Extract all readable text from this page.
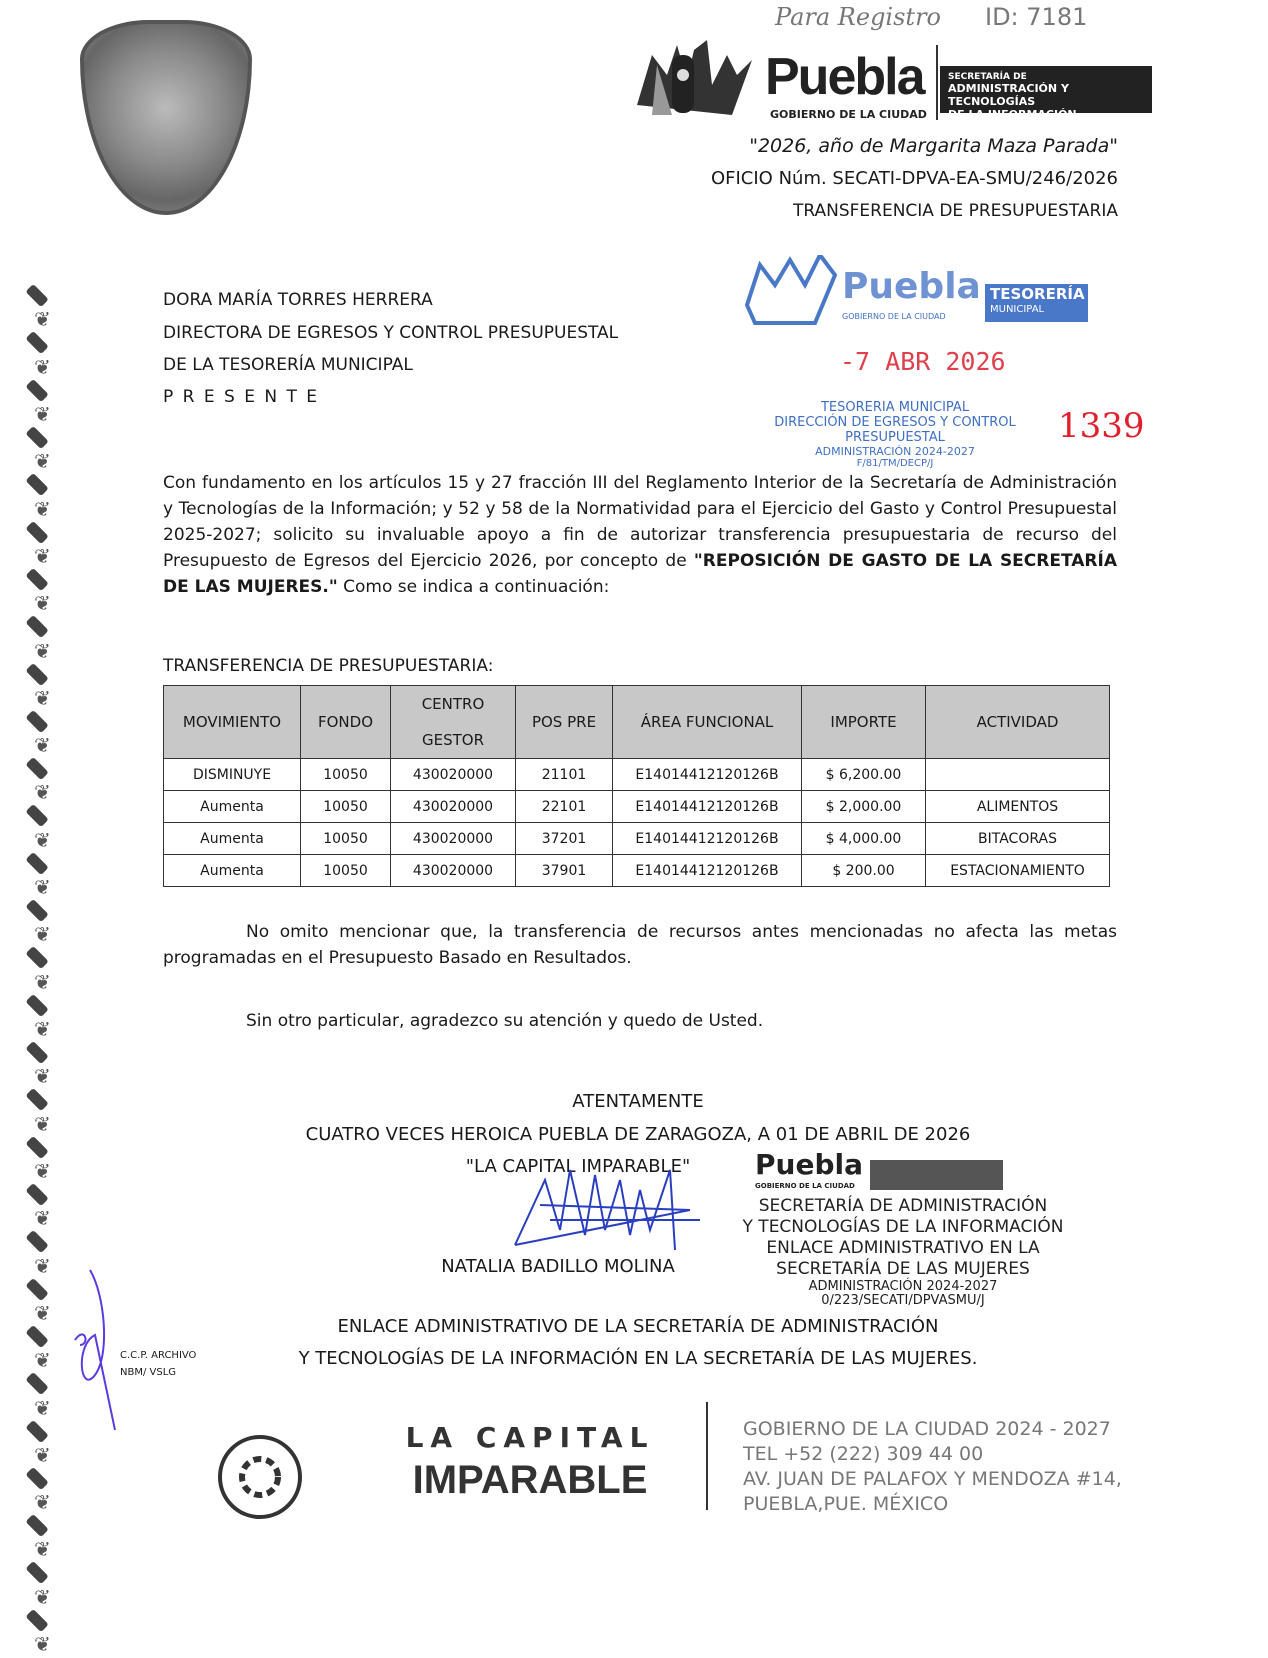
❦
❦
❦
❦
❦
❦
❦
❦
❦
❦
❦
❦
❦
❦
❦
❦
❦
❦
❦
❦
❦
❦
❦
❦
❦
❦
❦
❦
❦
Para Registro ID: 7181
Puebla
GOBIERNO DE LA CIUDAD
SECRETARÍA DE
ADMINISTRACIÓN Y TECNOLOGÍAS
DE LA INFORMACIÓN
"2026, año de Margarita Maza Parada"
OFICIO Núm. SECATI-DPVA-EA-SMU/246/2026
TRANSFERENCIA DE PRESUPUESTARIA
DORA MARÍA TORRES HERRERA
DIRECTORA DE EGRESOS Y CONTROL PRESUPUESTAL
DE LA TESORERÍA MUNICIPAL
P R E S E N T E
Puebla
GOBIERNO DE LA CIUDAD
TESORERÍA
MUNICIPAL
-7 ABR 2026
TESORERIA MUNICIPAL
DIRECCIÓN DE EGRESOS Y CONTROL
PRESUPUESTAL
ADMINISTRACIÓN 2024-2027
F/81/TM/DECP/J
1339

Con fundamento en los artículos 15 y 27 fracción III del Reglamento Interior de la Secretaría de Administración y Tecnologías de la Información; y 52 y 58 de la Normatividad para el Ejercicio del Gasto y Control Presupuestal 2025-2027; solicito su invaluable apoyo a fin de autorizar transferencia presupuestaria de recurso del Presupuesto de Egresos del Ejercicio 2026, por concepto de "REPOSICIÓN DE GASTO DE LA SECRETARÍA DE LAS MUJERES." Como se indica a continuación:

TRANSFERENCIA DE PRESUPUESTARIA:
MOVIMIENTO	FONDO	CENTRO GESTOR	POS PRE	ÁREA FUNCIONAL	IMPORTE	ACTIVIDAD
DISMINUYE	10050	430020000	21101	E14014412120126B	$ 6,200.00	
Aumenta	10050	430020000	22101	E14014412120126B	$ 2,000.00	ALIMENTOS
Aumenta	10050	430020000	37201	E14014412120126B	$ 4,000.00	BITACORAS
Aumenta	10050	430020000	37901	E14014412120126B	$ 200.00	ESTACIONAMIENTO

No omito mencionar que, la transferencia de recursos antes mencionadas no afecta las metas programadas en el Presupuesto Basado en Resultados.

Sin otro particular, agradezco su atención y quedo de Usted.

ATENTAMENTE
CUATRO VECES HEROICA PUEBLA DE ZARAGOZA, A 01 DE ABRIL DE 2026
"LA CAPITAL IMPARABLE"
NATALIA BADILLO MOLINA
ENLACE ADMINISTRATIVO DE LA SECRETARÍA DE ADMINISTRACIÓN
Y TECNOLOGÍAS DE LA INFORMACIÓN EN LA SECRETARÍA DE LAS MUJERES.
Puebla
GOBIERNO DE LA CIUDAD
SECRETARÍA DE ADMINISTRACIÓN
Y TECNOLOGÍAS DE LA INFORMACIÓN
ENLACE ADMINISTRATIVO EN LA
SECRETARÍA DE LAS MUJERES
ADMINISTRACIÓN 2024-2027
0/223/SECATI/DPVASMU/J
C.C.P. ARCHIVO
NBM/ VSLG
LA CAPITAL
IMPARABLE
GOBIERNO DE LA CIUDAD 2024 - 2027
TEL +52 (222) 309 44 00
AV. JUAN DE PALAFOX Y MENDOZA #14,
PUEBLA,PUE. MÉXICO
